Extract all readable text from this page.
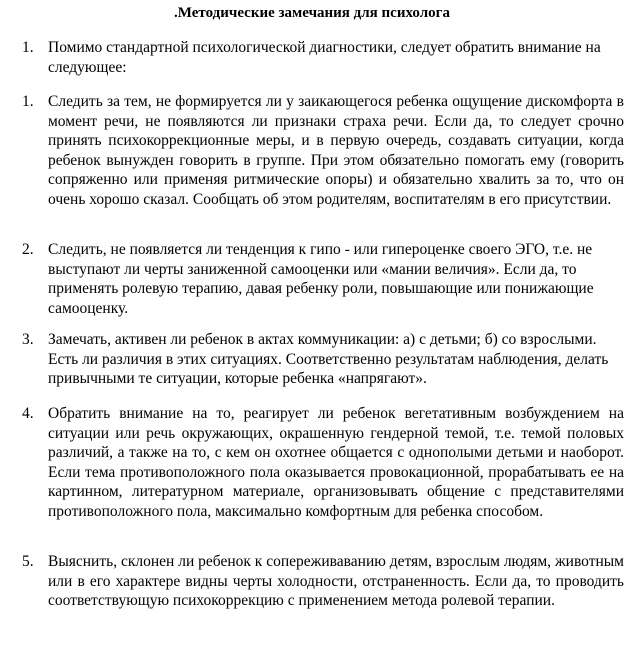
.Методические замечания для психолога
1. Помимо стандартной психологической диагностики, следует обратить внимание на следующее:
1. Следить за тем, не формируется ли у заикающегося ребенка ощущение дискомфорта в момент речи, не появляются ли признаки страха речи. Если да, то следует срочно принять психокоррекционные меры, и в первую очередь, создавать ситуации, когда ребенок вынужден говорить в группе. При этом обязательно помогать ему (говорить сопряженно или применяя ритмические опоры) и обязательно хвалить за то, что он очень хорошо сказал. Сообщать об этом родителям, воспитателям в его присутствии.
2. Следить, не появляется ли тенденция к гипо - или гипероценке своего ЭГО, т.е. не выступают ли черты заниженной самооценки или «мании величия». Если да, то применять ролевую терапию, давая ребенку роли, повышающие или понижающие самооценку.
3. Замечать, активен ли ребенок в актах коммуникации: а) с детьми; б) со взрослыми. Есть ли различия в этих ситуациях. Соответственно результатам наблюдения, делать привычными те ситуации, которые ребенка «напрягают».
4. Обратить внимание на то, реагирует ли ребенок вегетативным возбуждением на ситуации или речь окружающих, окрашенную гендерной темой, т.е. темой половых различий, а также на то, с кем он охотнее общается с однополыми детьми и наоборот. Если тема противоположного пола оказывается провокационной, прорабатывать ее на картинном, литературном материале, организовывать общение с представителями противоположного пола, максимально комфортным для ребенка способом.
5. Выяснить, склонен ли ребенок к сопереживаванию детям, взрослым людям, животным или в его характере видны черты холодности, отстраненность. Если да, то проводить соответствующую психокоррекцию с применением метода ролевой терапии.
